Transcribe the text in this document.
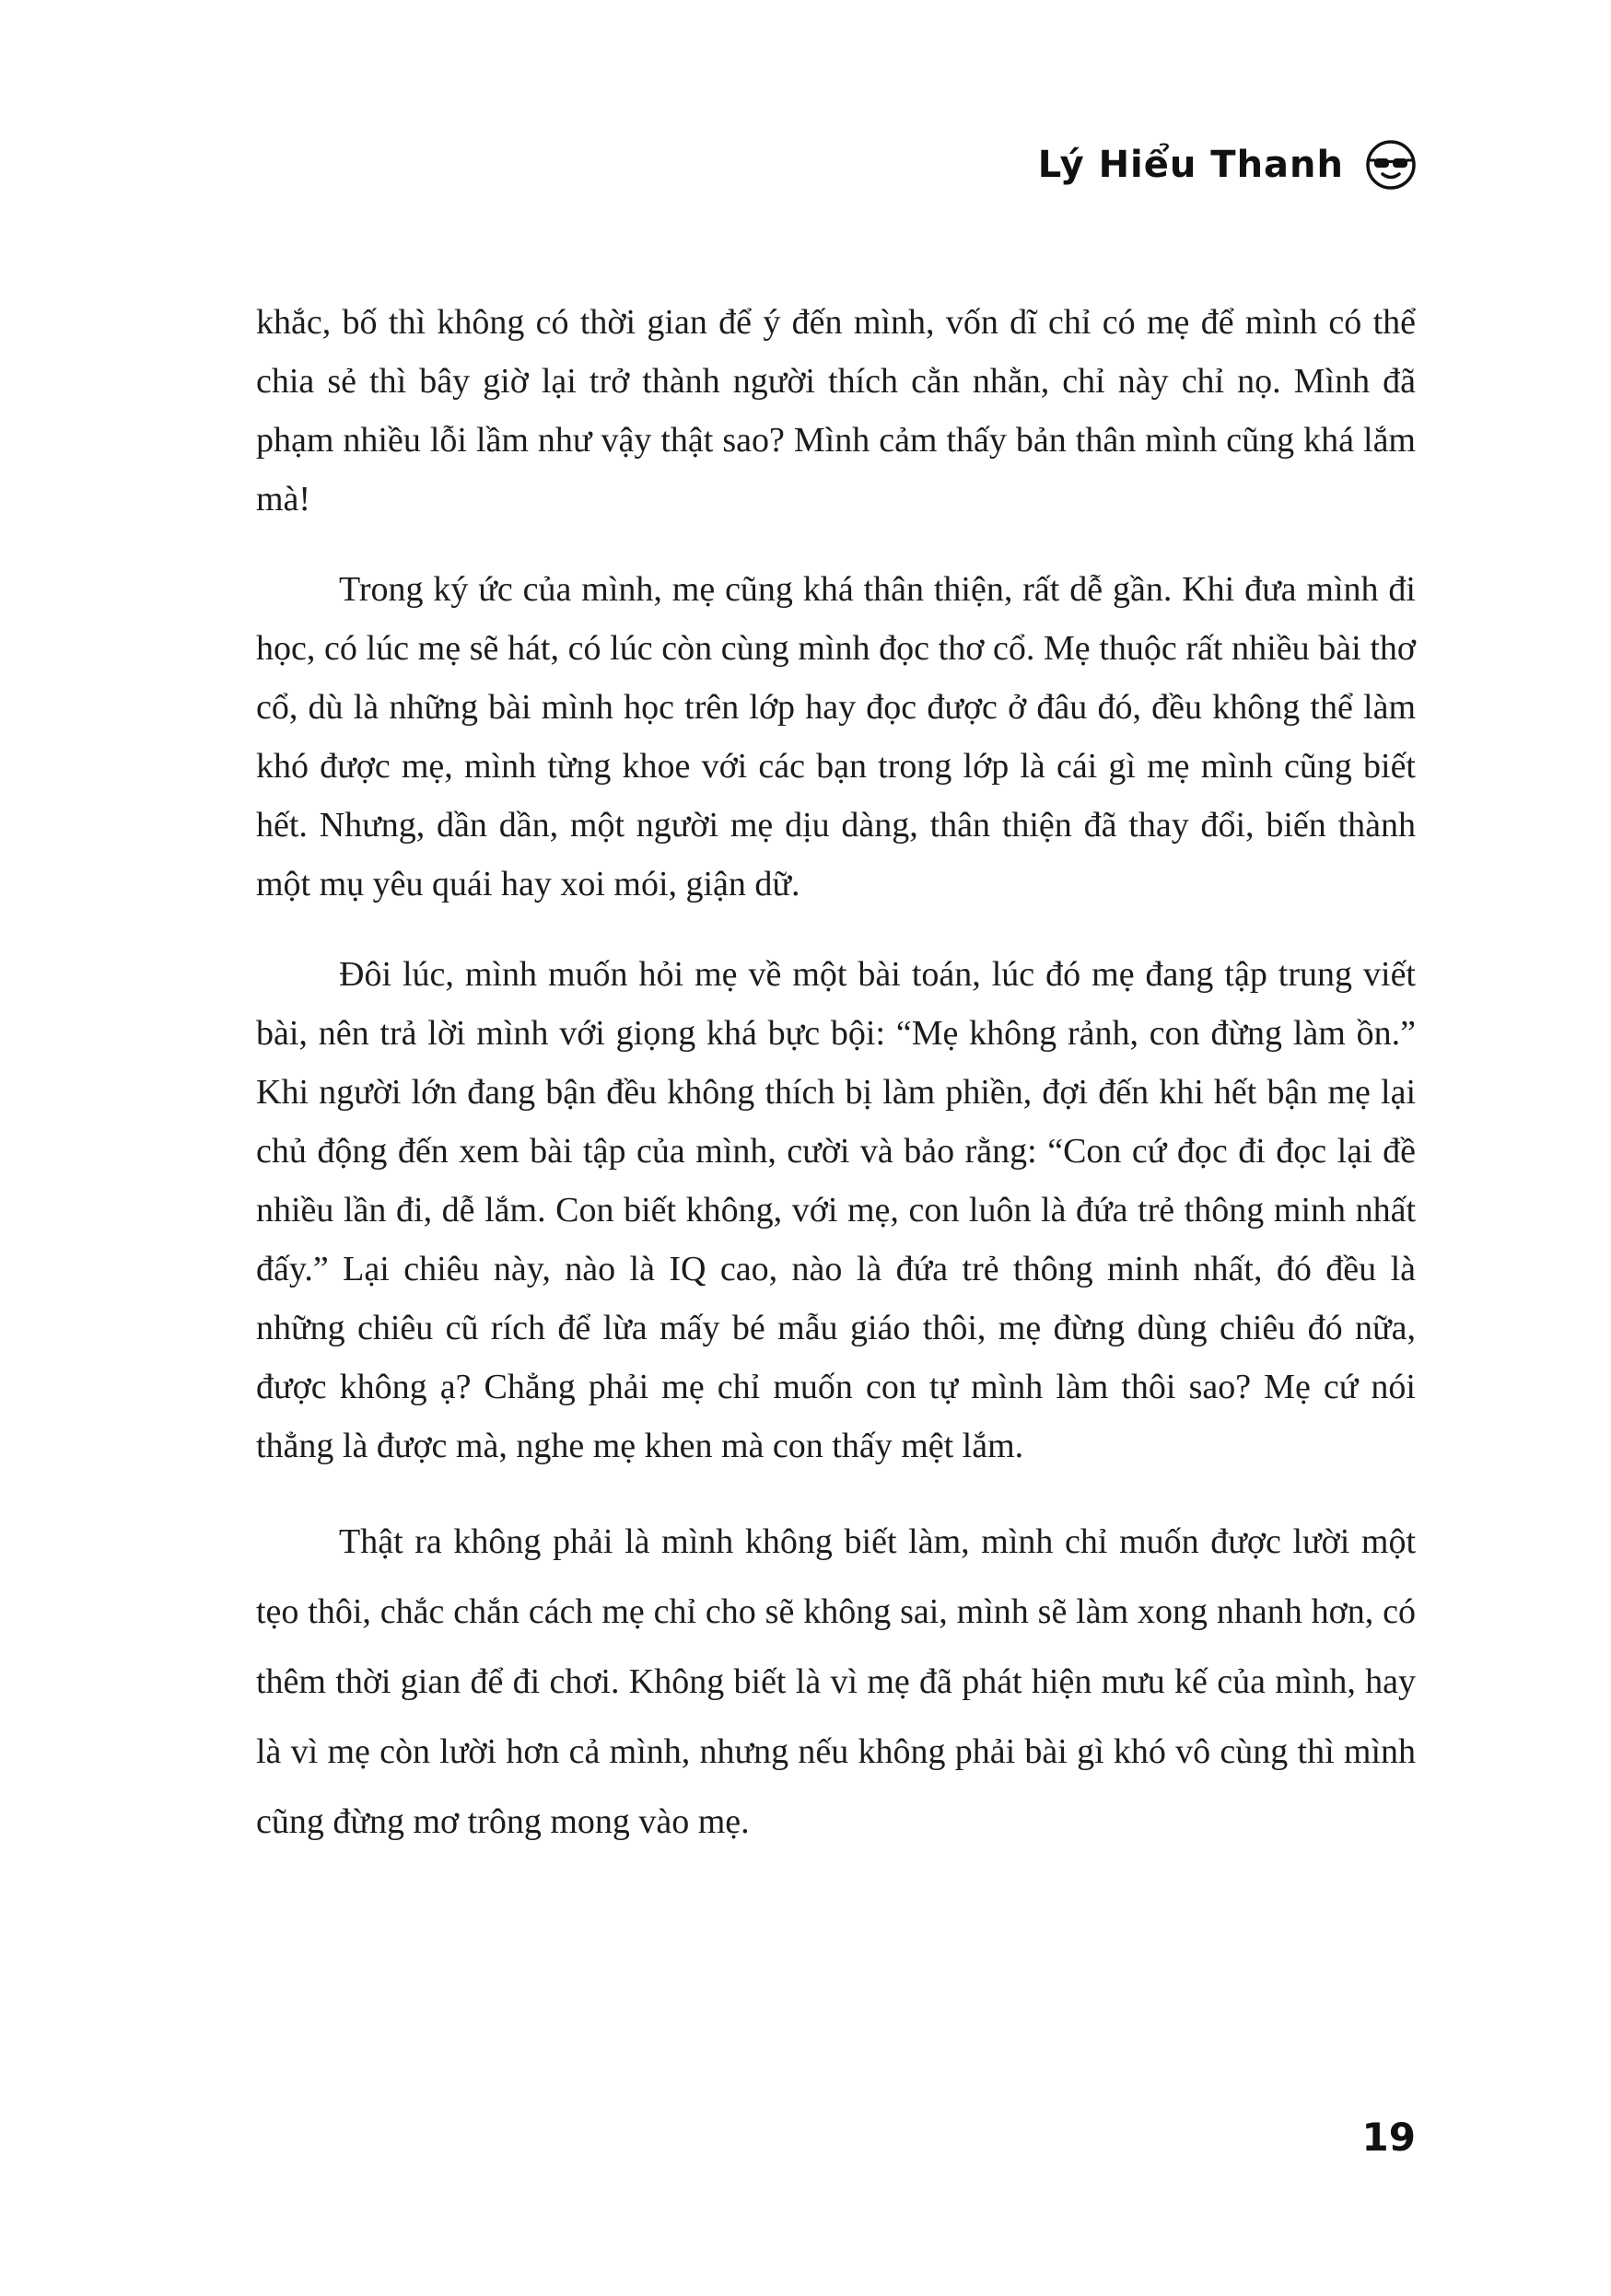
Lý Hiểu Thanh

khắc, bố thì không có thời gian để ý đến mình, vốn dĩ chỉ có mẹ để mình có thể chia sẻ thì bây giờ lại trở thành người thích cằn nhằn, chỉ này chỉ nọ. Mình đã phạm nhiều lỗi lầm như vậy thật sao? Mình cảm thấy bản thân mình cũng khá lắm mà!

Trong ký ức của mình, mẹ cũng khá thân thiện, rất dễ gần. Khi đưa mình đi học, có lúc mẹ sẽ hát, có lúc còn cùng mình đọc thơ cổ. Mẹ thuộc rất nhiều bài thơ cổ, dù là những bài mình học trên lớp hay đọc được ở đâu đó, đều không thể làm khó được mẹ, mình từng khoe với các bạn trong lớp là cái gì mẹ mình cũng biết hết. Nhưng, dần dần, một người mẹ dịu dàng, thân thiện đã thay đổi, biến thành một mụ yêu quái hay xoi mói, giận dữ.

Đôi lúc, mình muốn hỏi mẹ về một bài toán, lúc đó mẹ đang tập trung viết bài, nên trả lời mình với giọng khá bực bội: “Mẹ không rảnh, con đừng làm ồn.” Khi người lớn đang bận đều không thích bị làm phiền, đợi đến khi hết bận mẹ lại chủ động đến xem bài tập của mình, cười và bảo rằng: “Con cứ đọc đi đọc lại đề nhiều lần đi, dễ lắm. Con biết không, với mẹ, con luôn là đứa trẻ thông minh nhất đấy.” Lại chiêu này, nào là IQ cao, nào là đứa trẻ thông minh nhất, đó đều là những chiêu cũ rích để lừa mấy bé mẫu giáo thôi, mẹ đừng dùng chiêu đó nữa, được không ạ? Chẳng phải mẹ chỉ muốn con tự mình làm thôi sao? Mẹ cứ nói thẳng là được mà, nghe mẹ khen mà con thấy mệt lắm.

Thật ra không phải là mình không biết làm, mình chỉ muốn được lười một tẹo thôi, chắc chắn cách mẹ chỉ cho sẽ không sai, mình sẽ làm xong nhanh hơn, có thêm thời gian để đi chơi. Không biết là vì mẹ đã phát hiện mưu kế của mình, hay là vì mẹ còn lười hơn cả mình, nhưng nếu không phải bài gì khó vô cùng thì mình cũng đừng mơ trông mong vào mẹ.

19
